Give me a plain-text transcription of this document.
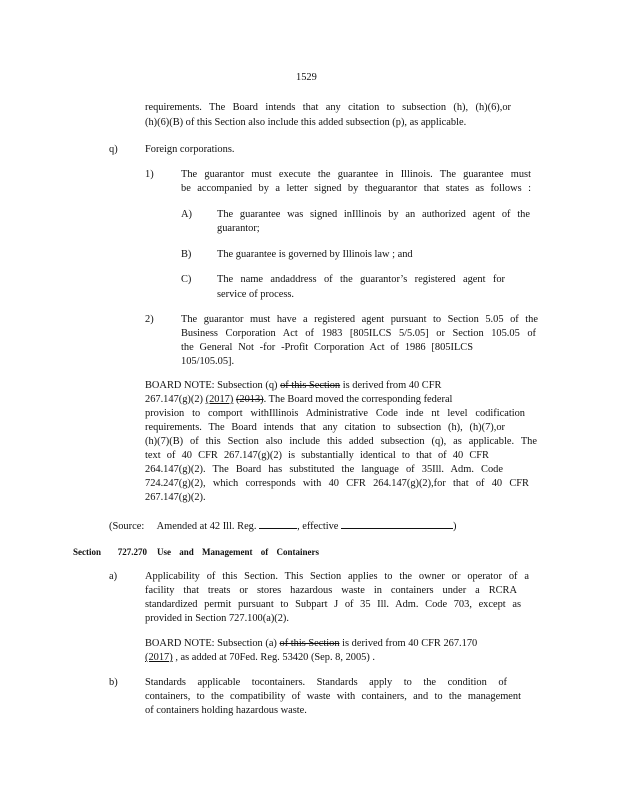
1529
requirements. The Board intends that any citation to subsection (h), (h)(6),or
(h)(6)(B) of this Section also include this added subsection (p), as applicable.
q)	Foreign corporations.
1)	The guarantor must execute the guarantee in Illinois. The guarantee must
be accompanied by a letter signed by theguarantor that states as follows :
A) The guarantee was signed inIllinois by an authorized agent of the
guarantor;
B) The guarantee is governed by Illinois law ; and
C) The name andaddress of the guarantor’s registered agent for
service of process.
2)	The guarantor must have a registered agent pursuant to Section 5.05 of the
Business Corporation Act of 1983 [805ILCS 5/5.05] or Section 105.05 of
the General Not -for -Profit Corporation Act of 1986 [805ILCS
105/105.05].
BOARD NOTE: Subsection (q) of this Section is derived from 40 CFR
267.147(g)(2) (2017) (2013). The Board moved the corresponding federal
provision to comport withIllinois Administrative Code inde nt level codification
requirements. The Board intends that any citation to subsection (h), (h)(7),or
(h)(7)(B) of this Section also include this added subsection (q), as applicable. The
text of 40 CFR 267.147(g)(2) is substantially identical to that of 40 CFR
264.147(g)(2). The Board has substituted the language of 35Ill. Adm. Code
724.247(g)(2), which corresponds with 40 CFR 264.147(g)(2),for that of 40 CFR
267.147(g)(2).
(Source: Amended at 42 Ill. Reg.	, effective	)
Section 727.270 Use and Management of Containers
a)	Applicability of this Section. This Section applies to the owner or operator of a
facility that treats or stores hazardous waste in containers under a RCRA
standardized permit pursuant to Subpart J of 35 Ill. Adm. Code 703, except as
provided in Section 727.100(a)(2).
BOARD NOTE: Subsection (a) of this Section is derived from 40 CFR 267.170
(2017) , as added at 70Fed. Reg. 53420 (Sep. 8, 2005) .
b)	Standards applicable tocontainers. Standards apply to the condition of
containers, to the compatibility of waste with containers, and to the management
of containers holding hazardous waste.
